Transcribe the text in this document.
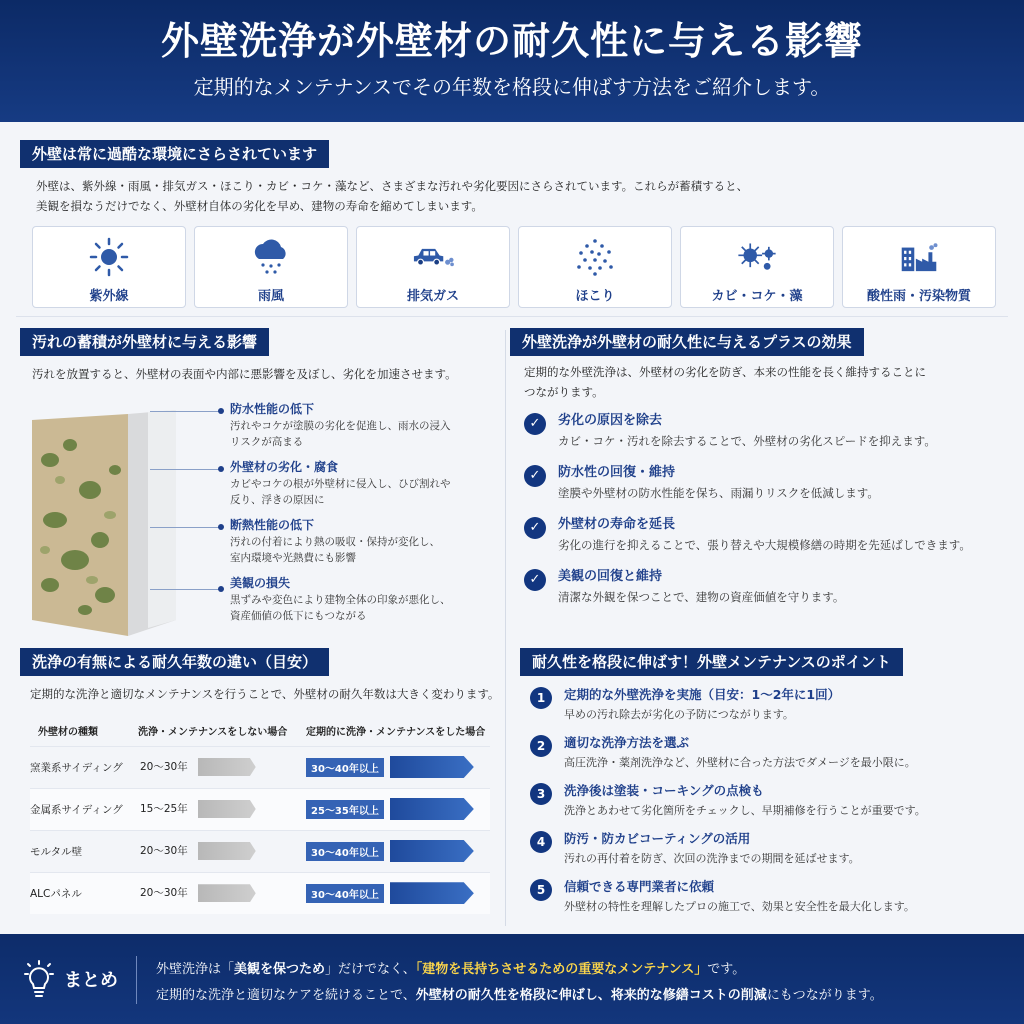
外壁洗浄が外壁材の耐久性に与える影響
定期的なメンテナンスでその年数を格段に伸ばす方法をご紹介します。
外壁は常に過酷な環境にさらされています
外壁は、紫外線・雨風・排気ガス・ほこり・カビ・コケ・藻など、さまざまな汚れや劣化要因にさらされています。これらが蓄積すると、
美観を損なうだけでなく、外壁材自体の劣化を早め、建物の寿命を縮めてしまいます。
紫外線	雨風	排気ガス	ほこり	カビ・コケ・藻	酸性雨・汚染物質
汚れの蓄積が外壁材に与える影響
汚れを放置すると、外壁材の表面や内部に悪影響を及ぼし、劣化を加速させます。
防水性能の低下
汚れやコケが塗膜の劣化を促進し、雨水の浸入
リスクが高まる
外壁材の劣化・腐食
カビやコケの根が外壁材に侵入し、ひび割れや
反り、浮きの原因に
断熱性能の低下
汚れの付着により熱の吸収・保持が変化し、
室内環境や光熱費にも影響
美観の損失
黒ずみや変色により建物全体の印象が悪化し、
資産価値の低下にもつながる
外壁洗浄が外壁材の耐久性に与えるプラスの効果
定期的な外壁洗浄は、外壁材の劣化を防ぎ、本来の性能を長く維持することに
つながります。
✓	劣化の原因を除去
カビ・コケ・汚れを除去することで、外壁材の劣化スピードを抑えます。
✓	防水性の回復・維持
塗膜や外壁材の防水性能を保ち、雨漏りリスクを低減します。
✓	外壁材の寿命を延長
劣化の進行を抑えることで、張り替えや大規模修繕の時期を先延ばしできます。
✓	美観の回復と維持
清潔な外観を保つことで、建物の資産価値を守ります。
洗浄の有無による耐久年数の違い（目安）
定期的な洗浄と適切なメンテナンスを行うことで、外壁材の耐久年数は大きく変わります。
外壁材の種類	洗浄・メンテナンスをしない場合	定期的に洗浄・メンテナンスをした場合
窯業系サイディング	20〜30年	30〜40年以上
金属系サイディング	15〜25年	25〜35年以上
モルタル壁	20〜30年	30〜40年以上
ALCパネル	20〜30年	30〜40年以上
耐久性を格段に伸ばす！外壁メンテナンスのポイント
1	定期的な外壁洗浄を実施（目安：1〜2年に1回）
早めの汚れ除去が劣化の予防につながります。
2	適切な洗浄方法を選ぶ
高圧洗浄・薬剤洗浄など、外壁材に合った方法でダメージを最小限に。
3	洗浄後は塗装・コーキングの点検も
洗浄とあわせて劣化箇所をチェックし、早期補修を行うことが重要です。
4	防汚・防カビコーティングの活用
汚れの再付着を防ぎ、次回の洗浄までの期間を延ばせます。
5	信頼できる専門業者に依頼
外壁材の特性を理解したプロの施工で、効果と安全性を最大化します。
まとめ
外壁洗浄は「美観を保つため」だけでなく、「建物を長持ちさせるための重要なメンテナンス」です。
定期的な洗浄と適切なケアを続けることで、外壁材の耐久性を格段に伸ばし、将来的な修繕コストの削減にもつながります。
